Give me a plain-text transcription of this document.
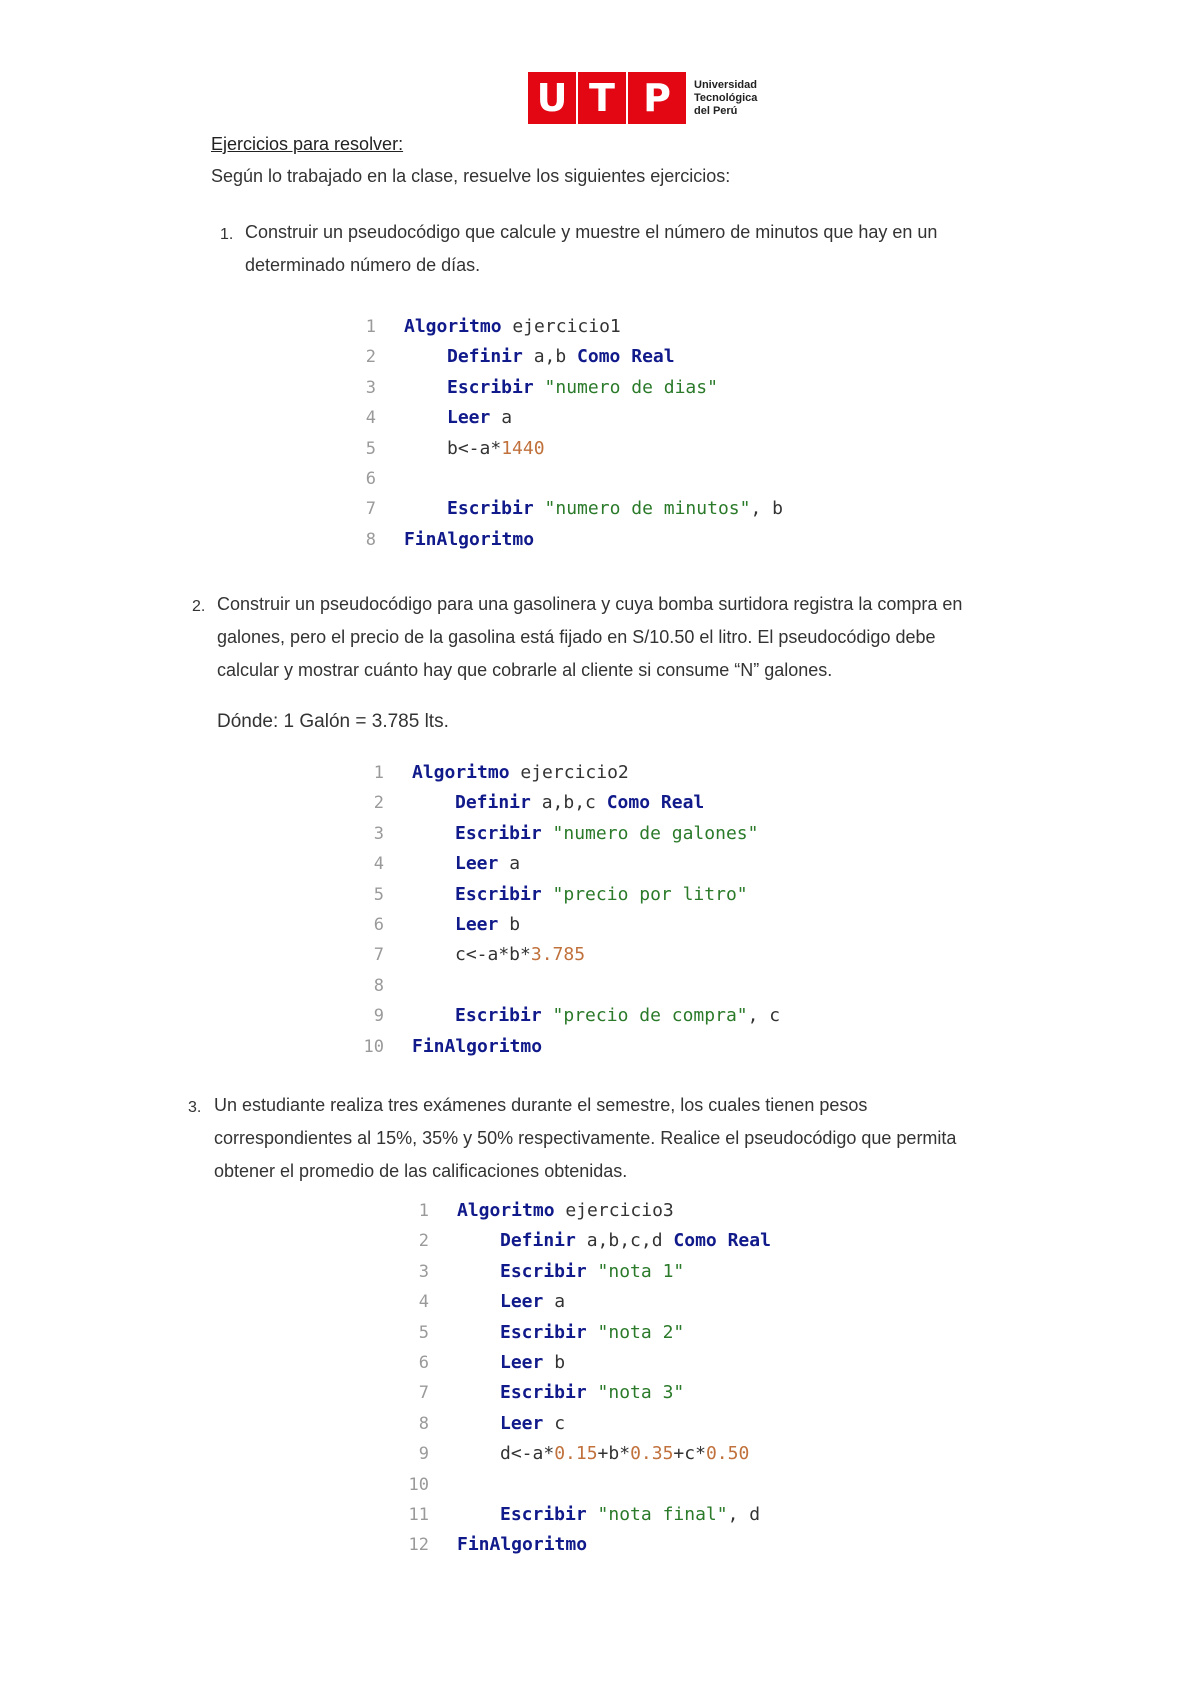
U T P	Universidad
Tecnológica
del Perú
Ejercicios para resolver:
Según lo trabajado en la clase, resuelve los siguientes ejercicios:
1. Construir un pseudocódigo que calcule y muestre el número de minutos que hay en un
determinado número de días.
1 Algoritmo ejercicio1
2	Definir a,b Como Real
3	Escribir "numero de dias"
4	Leer a
5	b<-a*1440
6
7	Escribir "numero de minutos", b
8 FinAlgoritmo
2. Construir un pseudocódigo para una gasolinera y cuya bomba surtidora registra la compra en
galones, pero el precio de la gasolina está fijado en S/10.50 el litro. El pseudocódigo debe
calcular y mostrar cuánto hay que cobrarle al cliente si consume “N” galones.
Dónde: 1 Galón = 3.785 lts.
1 Algoritmo ejercicio2
2	Definir a,b,c Como Real
3	Escribir "numero de galones"
4	Leer a
5	Escribir "precio por litro"
6	Leer b
7	c<-a*b*3.785
8
9	Escribir "precio de compra", c
10 FinAlgoritmo
3. Un estudiante realiza tres exámenes durante el semestre, los cuales tienen pesos
correspondientes al 15%, 35% y 50% respectivamente. Realice el pseudocódigo que permita
obtener el promedio de las calificaciones obtenidas.
1 Algoritmo ejercicio3
2	Definir a,b,c,d Como Real
3	Escribir "nota 1"
4	Leer a
5	Escribir "nota 2"
6	Leer b
7	Escribir "nota 3"
8	Leer c
9	d<-a*0.15+b*0.35+c*0.50
10
11	Escribir "nota final", d
12 FinAlgoritmo
